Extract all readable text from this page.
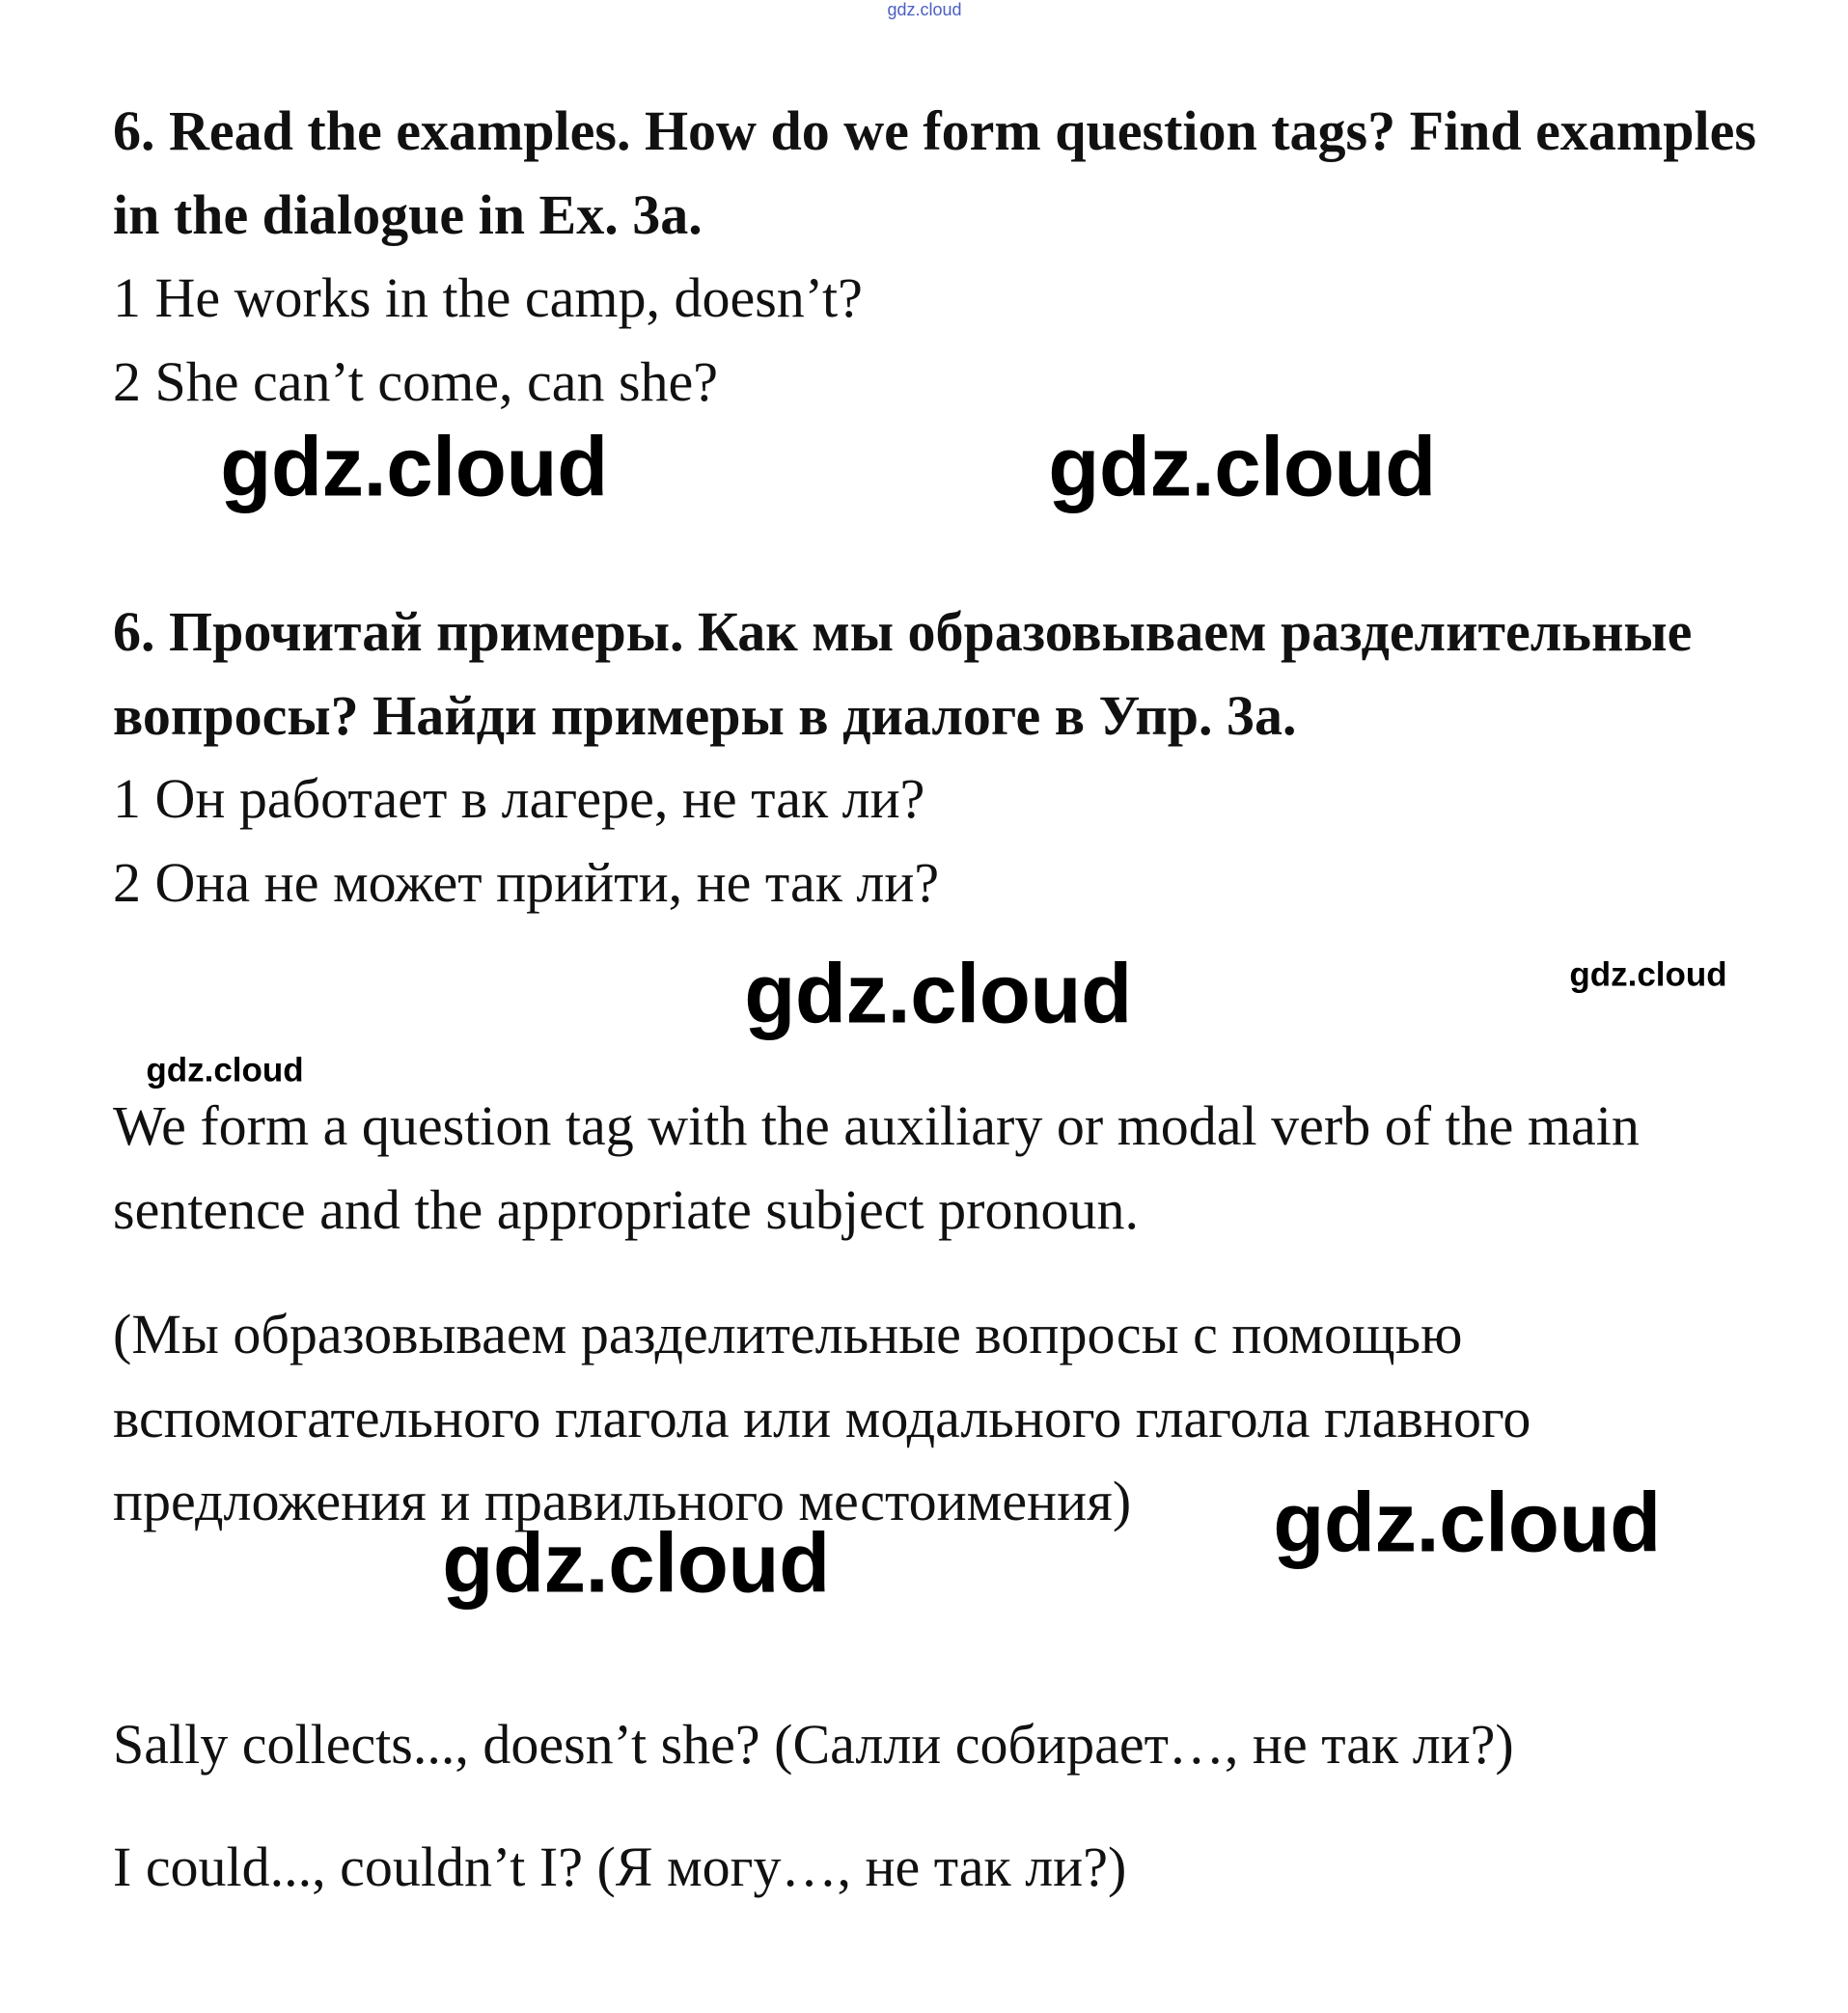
gdz.cloud
6. Read the examples. How do we form question tags? Find examples
in the dialogue in Ex. 3a.
1 He works in the camp, doesn’t?
2 She can’t come, can she?
6. Прочитай примеры. Как мы образовываем разделительные
вопросы? Найди примеры в диалоге в Упр. 3а.
1 Он работает в лагере, не так ли?
2 Она не может прийти, не так ли?
We form a question tag with the auxiliary or modal verb of the main
sentence and the appropriate subject pronoun.
(Мы образовываем разделительные вопросы с помощью
вспомогательного глагола или модального глагола главного
предложения и правильного местоимения)
Sally collects..., doesn’t she? (Салли собирает…, не так ли?)
I could..., couldn’t I? (Я могу…, не так ли?)
gdz.cloud	gdz.cloud
gdz.cloud
gdz.cloud
gdz.cloud
gdz.cloud
gdz.cloud
